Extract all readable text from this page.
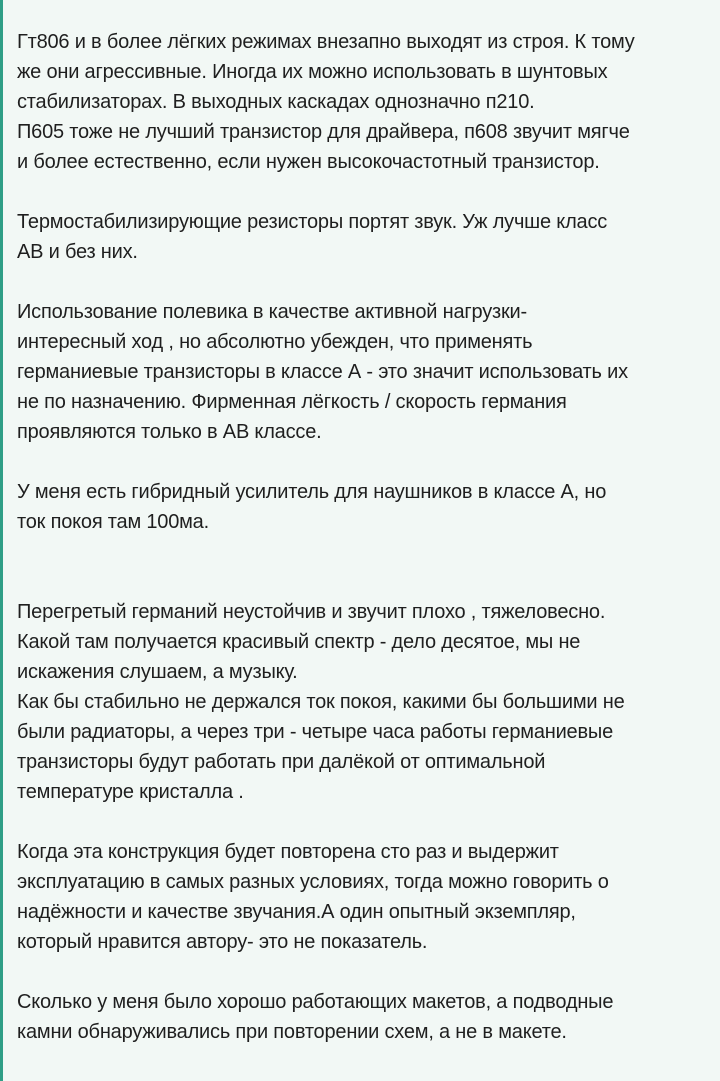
Гт806 и в более лёгких режимах внезапно выходят из строя. К тому
же они агрессивные. Иногда их можно использовать в шунтовых
стабилизаторах. В выходных каскадах однозначно п210.
П605 тоже не лучший транзистор для драйвера, п608 звучит мягче
и более естественно, если нужен высокочастотный транзистор.
Термостабилизирующие резисторы портят звук. Уж лучше класс
АВ и без них.
Использование полевика в качестве активной нагрузки-
интересный ход , но абсолютно убежден, что применять
германиевые транзисторы в классе А - это значит использовать их
не по назначению. Фирменная лёгкость / скорость германия
проявляются только в АВ классе.
У меня есть гибридный усилитель для наушников в классе А, но
ток покоя там 100ма.
Перегретый германий неустойчив и звучит плохо , тяжеловесно.
Какой там получается красивый спектр - дело десятое, мы не
искажения слушаем, а музыку.
Как бы стабильно не держался ток покоя, какими бы большими не
были радиаторы, а через три - четыре часа работы германиевые
транзисторы будут работать при далёкой от оптимальной
температуре кристалла .
Когда эта конструкция будет повторена сто раз и выдержит
эксплуатацию в самых разных условиях, тогда можно говорить о
надёжности и качестве звучания.А один опытный экземпляр,
который нравится автору- это не показатель.
Сколько у меня было хорошо работающих макетов, а подводные
камни обнаруживались при повторении схем, а не в макете.
